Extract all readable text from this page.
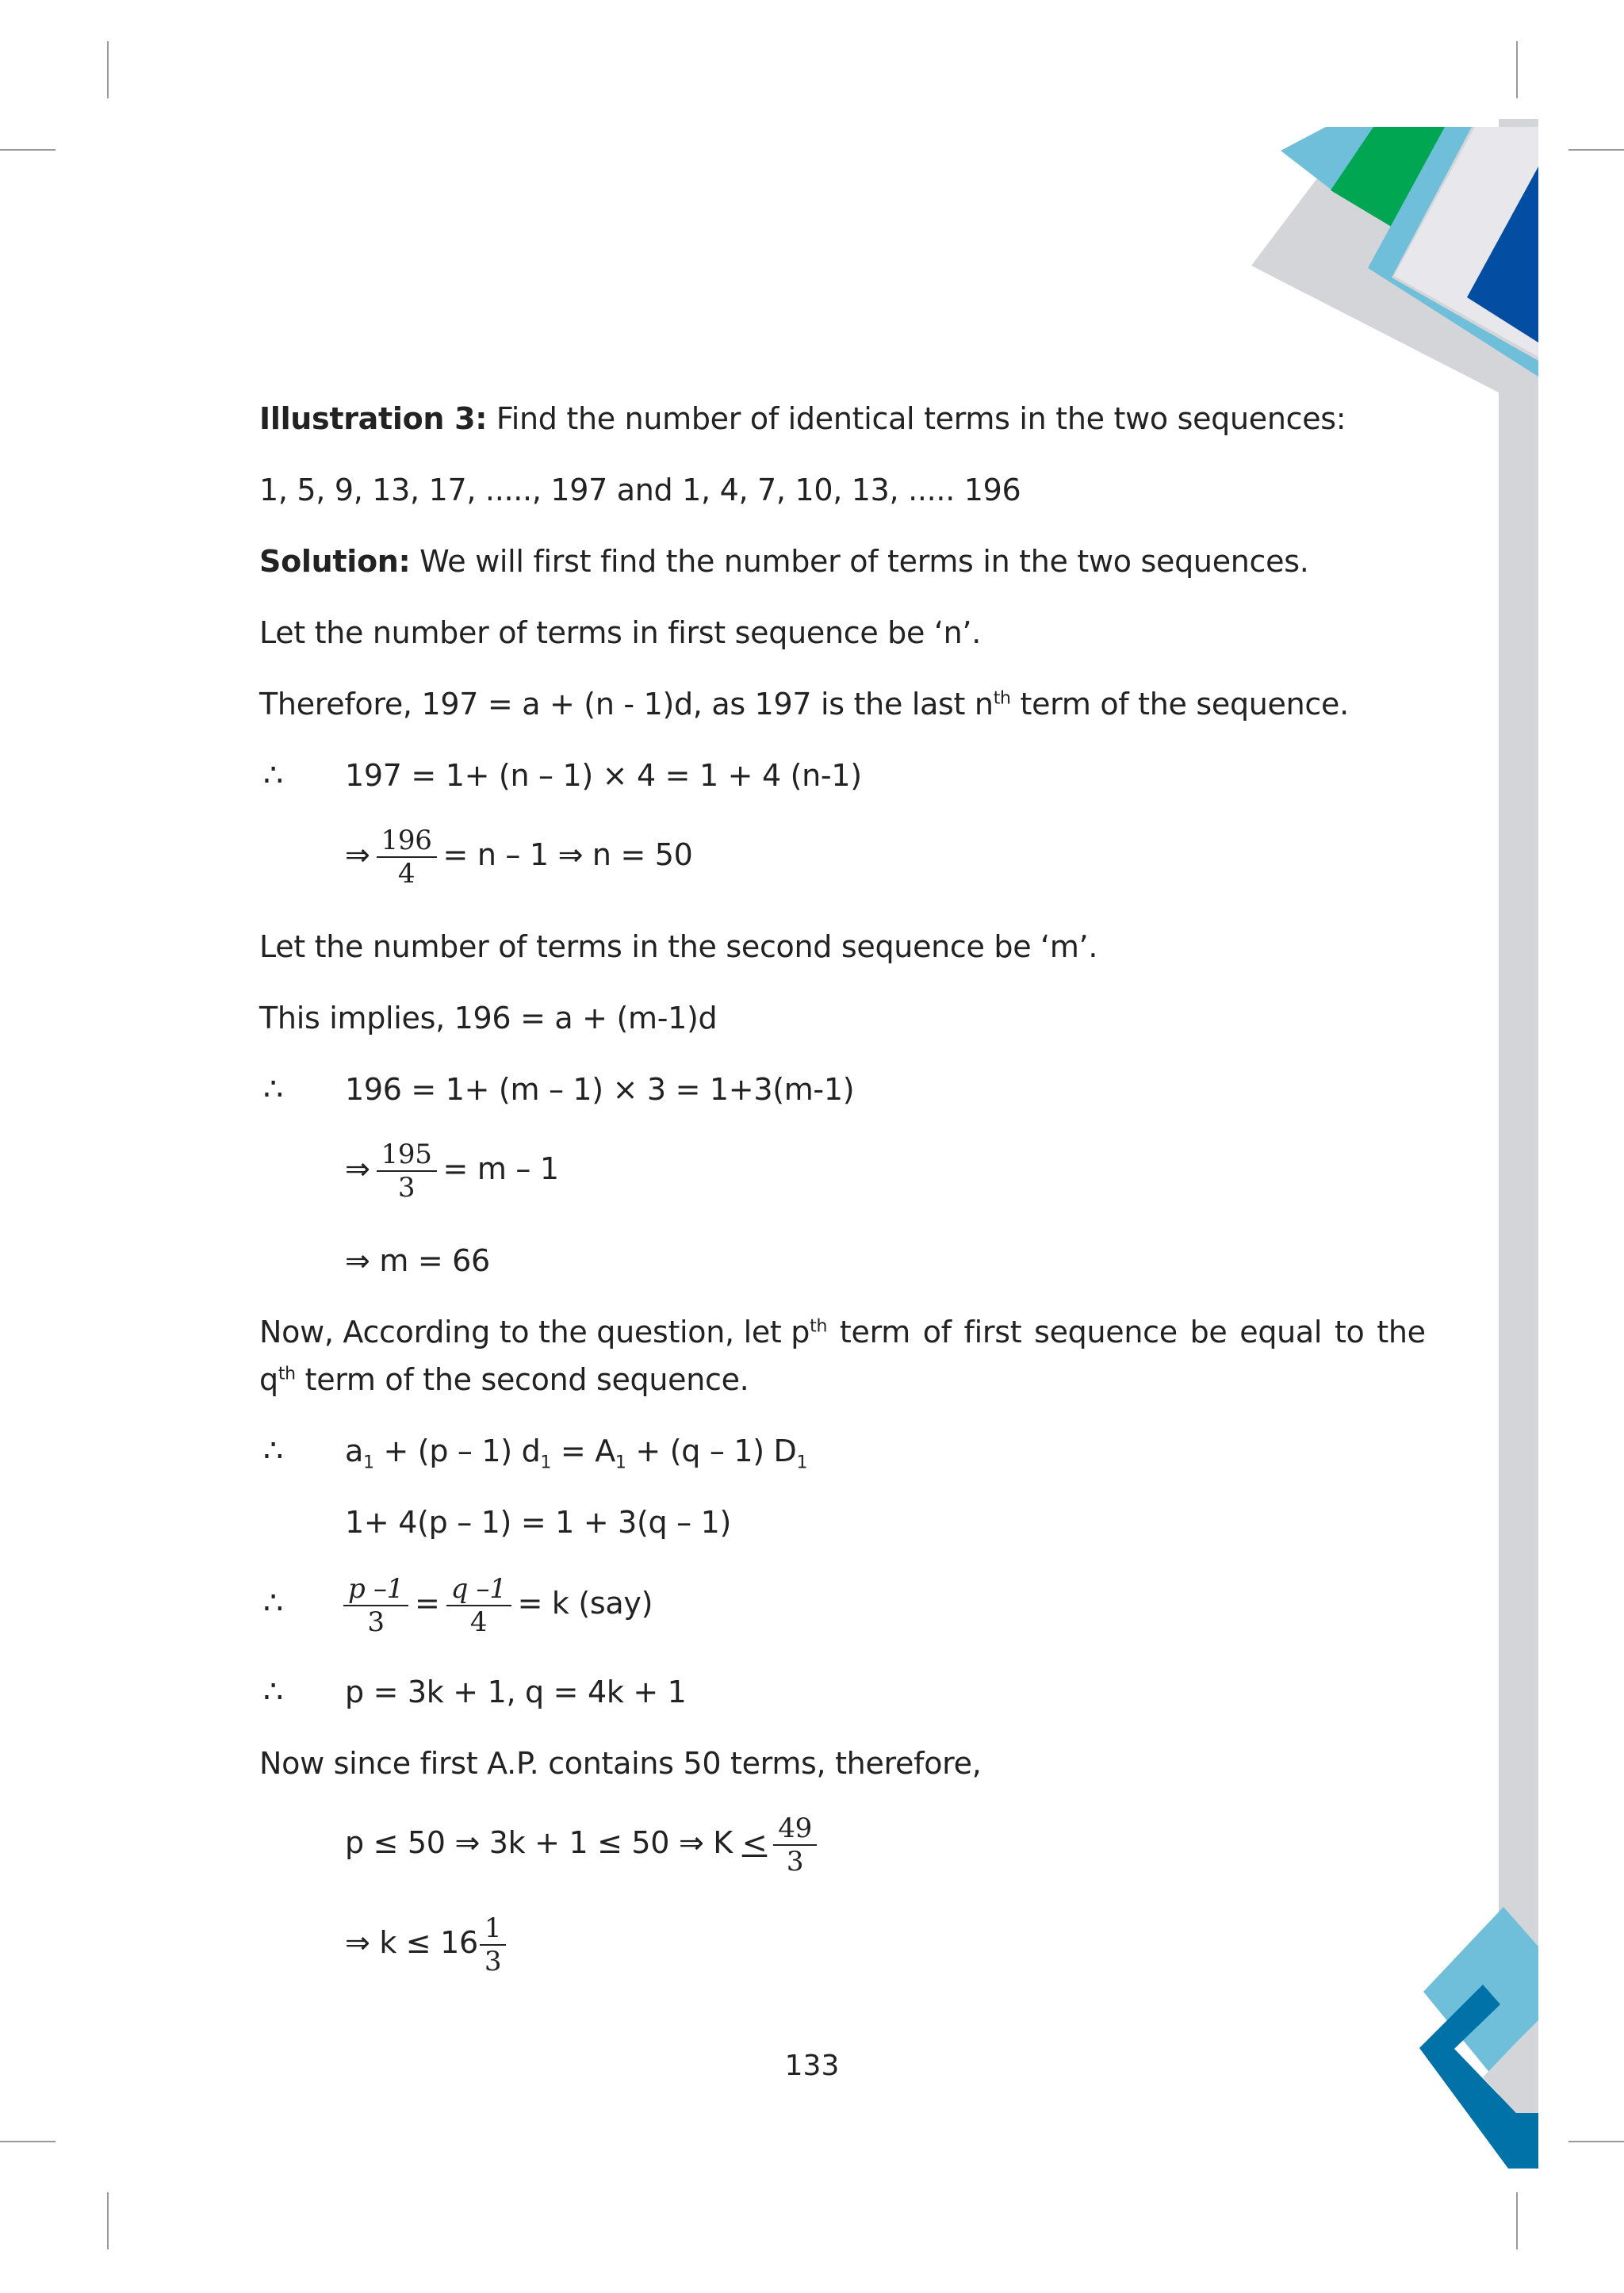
Illustration 3: Find the number of identical terms in the two sequences:
1, 5, 9, 13, 17, ....., 197 and 1, 4, 7, 10, 13, ..... 196
Solution: We will first find the number of terms in the two sequences.
Let the number of terms in first sequence be ‘n’.
Therefore, 197 = a + (n - 1)d, as 197 is the last $n^{th}$ term of the sequence.
∴ 197 = 1+ (n – 1) × 4 = 1 + 4 (n-1)
⇒ $\frac{196}{4} = n - 1$ ⇒ n = 50
Let the number of terms in the second sequence be ‘m’.
This implies, 196 = a + (m-1)d
∴ 196 = 1+ (m – 1) × 3 = 1+3(m-1)
⇒ $\frac{195}{3} = m - 1$
⇒ m = 66
Now, According to the question, let $p^{th}$ term of first sequence be equal to the
$q^{th}$ term of the second sequence.
∴ $a_1 + (p - 1) d_1 = A_1 + (q - 1)$ $D_1$
1+ 4(p – 1) = 1 + 3(q – 1)
∴ $\frac{p -1}{3} = \frac{q -1}{4} = k$ (say)
∴ p = 3k + 1, q = 4k + 1
Now since first A.P. contains 50 terms, therefore,
p ≤ 50 ⇒ 3k + 1 ≤ 50 ⇒ $K < \frac{49}{3}$
⇒ $k \le 16 \frac{1}{3}$
133
